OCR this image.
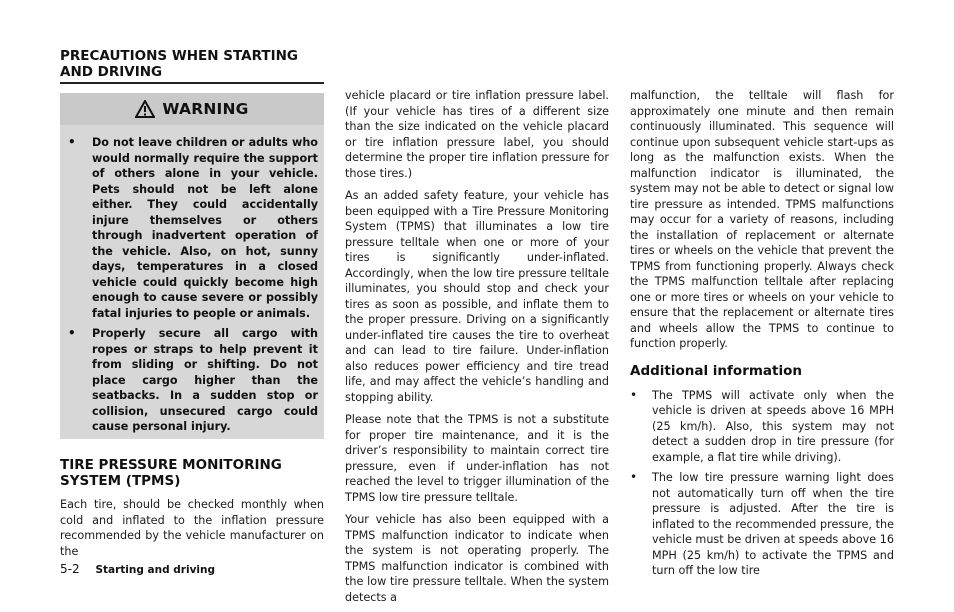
PRECAUTIONS WHEN STARTING AND DRIVING
WARNING
• Do not leave children or adults who would normally require the support of others alone in your vehicle. Pets should not be left alone either. They could accidentally injure themselves or others through inadvertent operation of the vehicle. Also, on hot, sunny days, temperatures in a closed vehicle could quickly become high enough to cause severe or possibly fatal injuries to people or animals.
• Properly secure all cargo with ropes or straps to help prevent it from sliding or shifting. Do not place cargo higher than the seatbacks. In a sudden stop or collision, unsecured cargo could cause personal injury.
TIRE PRESSURE MONITORING SYSTEM (TPMS)

Each tire, should be checked monthly when cold and inflated to the inflation pressure recommended by the vehicle manufacturer on the

vehicle placard or tire inflation pressure label. (If your vehicle has tires of a different size than the size indicated on the vehicle placard or tire inflation pressure label, you should determine the proper tire inflation pressure for those tires.)

As an added safety feature, your vehicle has been equipped with a Tire Pressure Monitoring System (TPMS) that illuminates a low tire pressure telltale when one or more of your tires is significantly under-inflated. Accordingly, when the low tire pressure telltale illuminates, you should stop and check your tires as soon as possible, and inflate them to the proper pressure. Driving on a significantly under-inflated tire causes the tire to overheat and can lead to tire failure. Under-inflation also reduces power efficiency and tire tread life, and may affect the vehicle’s handling and stopping ability.

Please note that the TPMS is not a substitute for proper tire maintenance, and it is the driver’s responsibility to maintain correct tire pressure, even if under-inflation has not reached the level to trigger illumination of the TPMS low tire pressure telltale.

Your vehicle has also been equipped with a TPMS malfunction indicator to indicate when the system is not operating properly. The TPMS malfunction indicator is combined with the low tire pressure telltale. When the system detects a

malfunction, the telltale will flash for approximately one minute and then remain continuously illuminated. This sequence will continue upon subsequent vehicle start-ups as long as the malfunction exists. When the malfunction indicator is illuminated, the system may not be able to detect or signal low tire pressure as intended. TPMS malfunctions may occur for a variety of reasons, including the installation of replacement or alternate tires or wheels on the vehicle that prevent the TPMS from functioning properly. Always check the TPMS malfunction telltale after replacing one or more tires or wheels on your vehicle to ensure that the replacement or alternate tires and wheels allow the TPMS to continue to function properly.

Additional information
• The TPMS will activate only when the vehicle is driven at speeds above 16 MPH (25 km/h). Also, this system may not detect a sudden drop in tire pressure (for example, a flat tire while driving).
• The low tire pressure warning light does not automatically turn off when the tire pressure is adjusted. After the tire is inflated to the recommended pressure, the vehicle must be driven at speeds above 16 MPH (25 km/h) to activate the TPMS and turn off the low tire
5-2 Starting and driving
